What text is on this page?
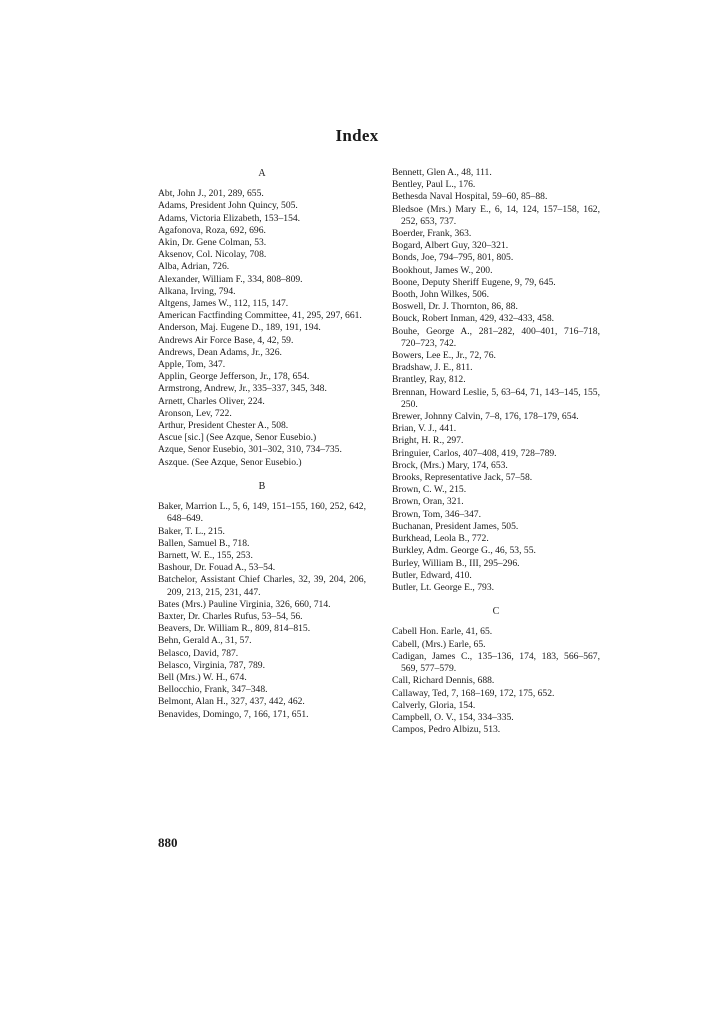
Index
A
Abt, John J., 201, 289, 655.
Adams, President John Quincy, 505.
Adams, Victoria Elizabeth, 153–154.
Agafonova, Roza, 692, 696.
Akin, Dr. Gene Colman, 53.
Aksenov, Col. Nicolay, 708.
Alba, Adrian, 726.
Alexander, William F., 334, 808–809.
Alkana, Irving, 794.
Altgens, James W., 112, 115, 147.
American Factfinding Committee, 41, 295, 297, 661.
Anderson, Maj. Eugene D., 189, 191, 194.
Andrews Air Force Base, 4, 42, 59.
Andrews, Dean Adams, Jr., 326.
Apple, Tom, 347.
Applin, George Jefferson, Jr., 178, 654.
Armstrong, Andrew, Jr., 335–337, 345, 348.
Arnett, Charles Oliver, 224.
Aronson, Lev, 722.
Arthur, President Chester A., 508.
Ascue [sic.] (See Azque, Senor Eusebio.)
Azque, Senor Eusebio, 301–302, 310, 734–735.
Aszque. (See Azque, Senor Eusebio.)
B
Baker, Marrion L., 5, 6, 149, 151–155, 160, 252, 642, 648–649.
Baker, T. L., 215.
Ballen, Samuel B., 718.
Barnett, W. E., 155, 253.
Bashour, Dr. Fouad A., 53–54.
Batchelor, Assistant Chief Charles, 32, 39, 204, 206, 209, 213, 215, 231, 447.
Bates (Mrs.) Pauline Virginia, 326, 660, 714.
Baxter, Dr. Charles Rufus, 53–54, 56.
Beavers, Dr. William R., 809, 814–815.
Behn, Gerald A., 31, 57.
Belasco, David, 787.
Belasco, Virginia, 787, 789.
Bell (Mrs.) W. H., 674.
Bellocchio, Frank, 347–348.
Belmont, Alan H., 327, 437, 442, 462.
Benavides, Domingo, 7, 166, 171, 651.
Bennett, Glen A., 48, 111.
Bentley, Paul L., 176.
Bethesda Naval Hospital, 59–60, 85–88.
Bledsoe (Mrs.) Mary E., 6, 14, 124, 157–158, 162, 252, 653, 737.
Boerder, Frank, 363.
Bogard, Albert Guy, 320–321.
Bonds, Joe, 794–795, 801, 805.
Bookhout, James W., 200.
Boone, Deputy Sheriff Eugene, 9, 79, 645.
Booth, John Wilkes, 506.
Boswell, Dr. J. Thornton, 86, 88.
Bouck, Robert Inman, 429, 432–433, 458.
Bouhe, George A., 281–282, 400–401, 716–718, 720–723, 742.
Bowers, Lee E., Jr., 72, 76.
Bradshaw, J. E., 811.
Brantley, Ray, 812.
Brennan, Howard Leslie, 5, 63–64, 71, 143–145, 155, 250.
Brewer, Johnny Calvin, 7–8, 176, 178–179, 654.
Brian, V. J., 441.
Bright, H. R., 297.
Bringuier, Carlos, 407–408, 419, 728–789.
Brock, (Mrs.) Mary, 174, 653.
Brooks, Representative Jack, 57–58.
Brown, C. W., 215.
Brown, Oran, 321.
Brown, Tom, 346–347.
Buchanan, President James, 505.
Burkhead, Leola B., 772.
Burkley, Adm. George G., 46, 53, 55.
Burley, William B., III, 295–296.
Butler, Edward, 410.
Butler, Lt. George E., 793.
C
Cabell Hon. Earle, 41, 65.
Cabell, (Mrs.) Earle, 65.
Cadigan, James C., 135–136, 174, 183, 566–567, 569, 577–579.
Call, Richard Dennis, 688.
Callaway, Ted, 7, 168–169, 172, 175, 652.
Calverly, Gloria, 154.
Campbell, O. V., 154, 334–335.
Campos, Pedro Albizu, 513.
880
